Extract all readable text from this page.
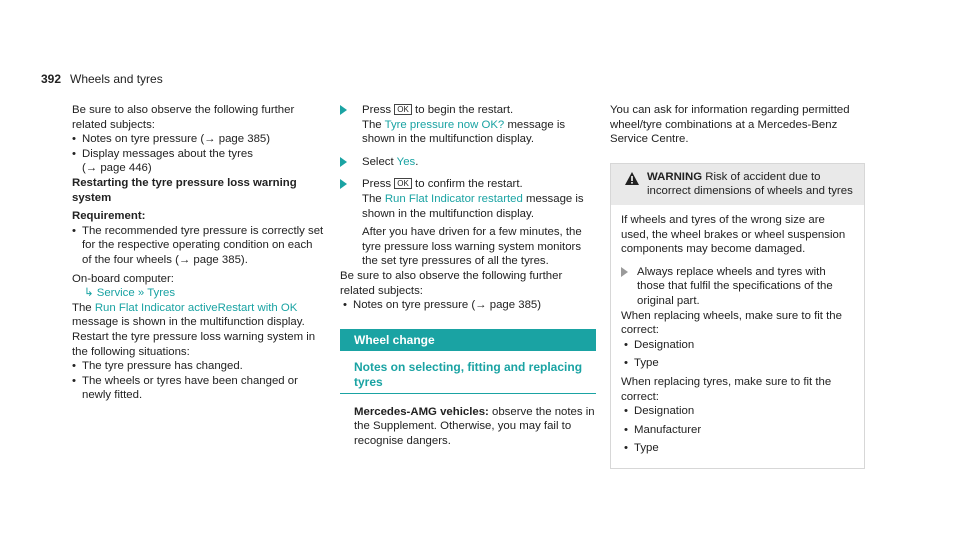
392 Wheels and tyres
Be sure to also observe the following further related subjects:
• Notes on tyre pressure (→ page 385)
• Display messages about the tyres
(→ page 446)
Restarting the tyre pressure loss warning system
Requirement:
• The recommended tyre pressure is correctly set for the respective operating condition on each of the four wheels (→ page 385).
On-board computer:
↳ Service » Tyres
The Run Flat Indicator activeRestart with OK message is shown in the multifunction display.
Restart the tyre pressure loss warning system in the following situations:
• The tyre pressure has changed.
• The wheels or tyres have been changed or newly fitted.
Press OK to begin the restart.
The Tyre pressure now OK? message is shown in the multifunction display.
Select Yes.
Press OK to confirm the restart.
The Run Flat Indicator restarted message is shown in the multifunction display.
After you have driven for a few minutes, the tyre pressure loss warning system monitors the set tyre pressures of all the tyres.
Be sure to also observe the following further related subjects:
• Notes on tyre pressure (→ page 385)
Wheel change
Notes on selecting, fitting and replacing tyres
Mercedes-AMG vehicles: observe the notes in the Supplement. Otherwise, you may fail to recognise dangers.
You can ask for information regarding permitted wheel/tyre combinations at a Mercedes-Benz Service Centre.
WARNING Risk of accident due to incorrect dimensions of wheels and tyres
If wheels and tyres of the wrong size are used, the wheel brakes or wheel suspension components may become damaged.
Always replace wheels and tyres with those that fulfil the specifications of the original part.
When replacing wheels, make sure to fit the correct:
• Designation
• Type
When replacing tyres, make sure to fit the correct:
• Designation
• Manufacturer
• Type
